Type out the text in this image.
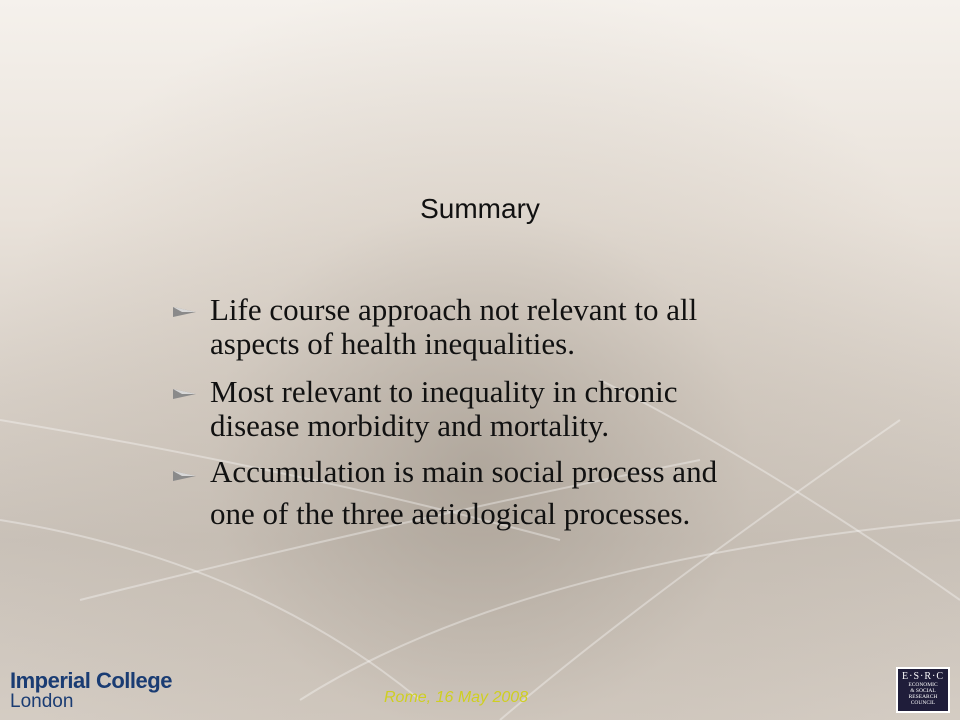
Summary
Life course approach not relevant to all
aspects of health inequalities.
Most relevant to inequality in chronic
disease morbidity and mortality.
Accumulation is main social process and
one of the three aetiological processes.
Imperial College
London	Rome, 16 May 2008
E·S·R·C
ECONOMIC
& SOCIAL
RESEARCH
COUNCIL
